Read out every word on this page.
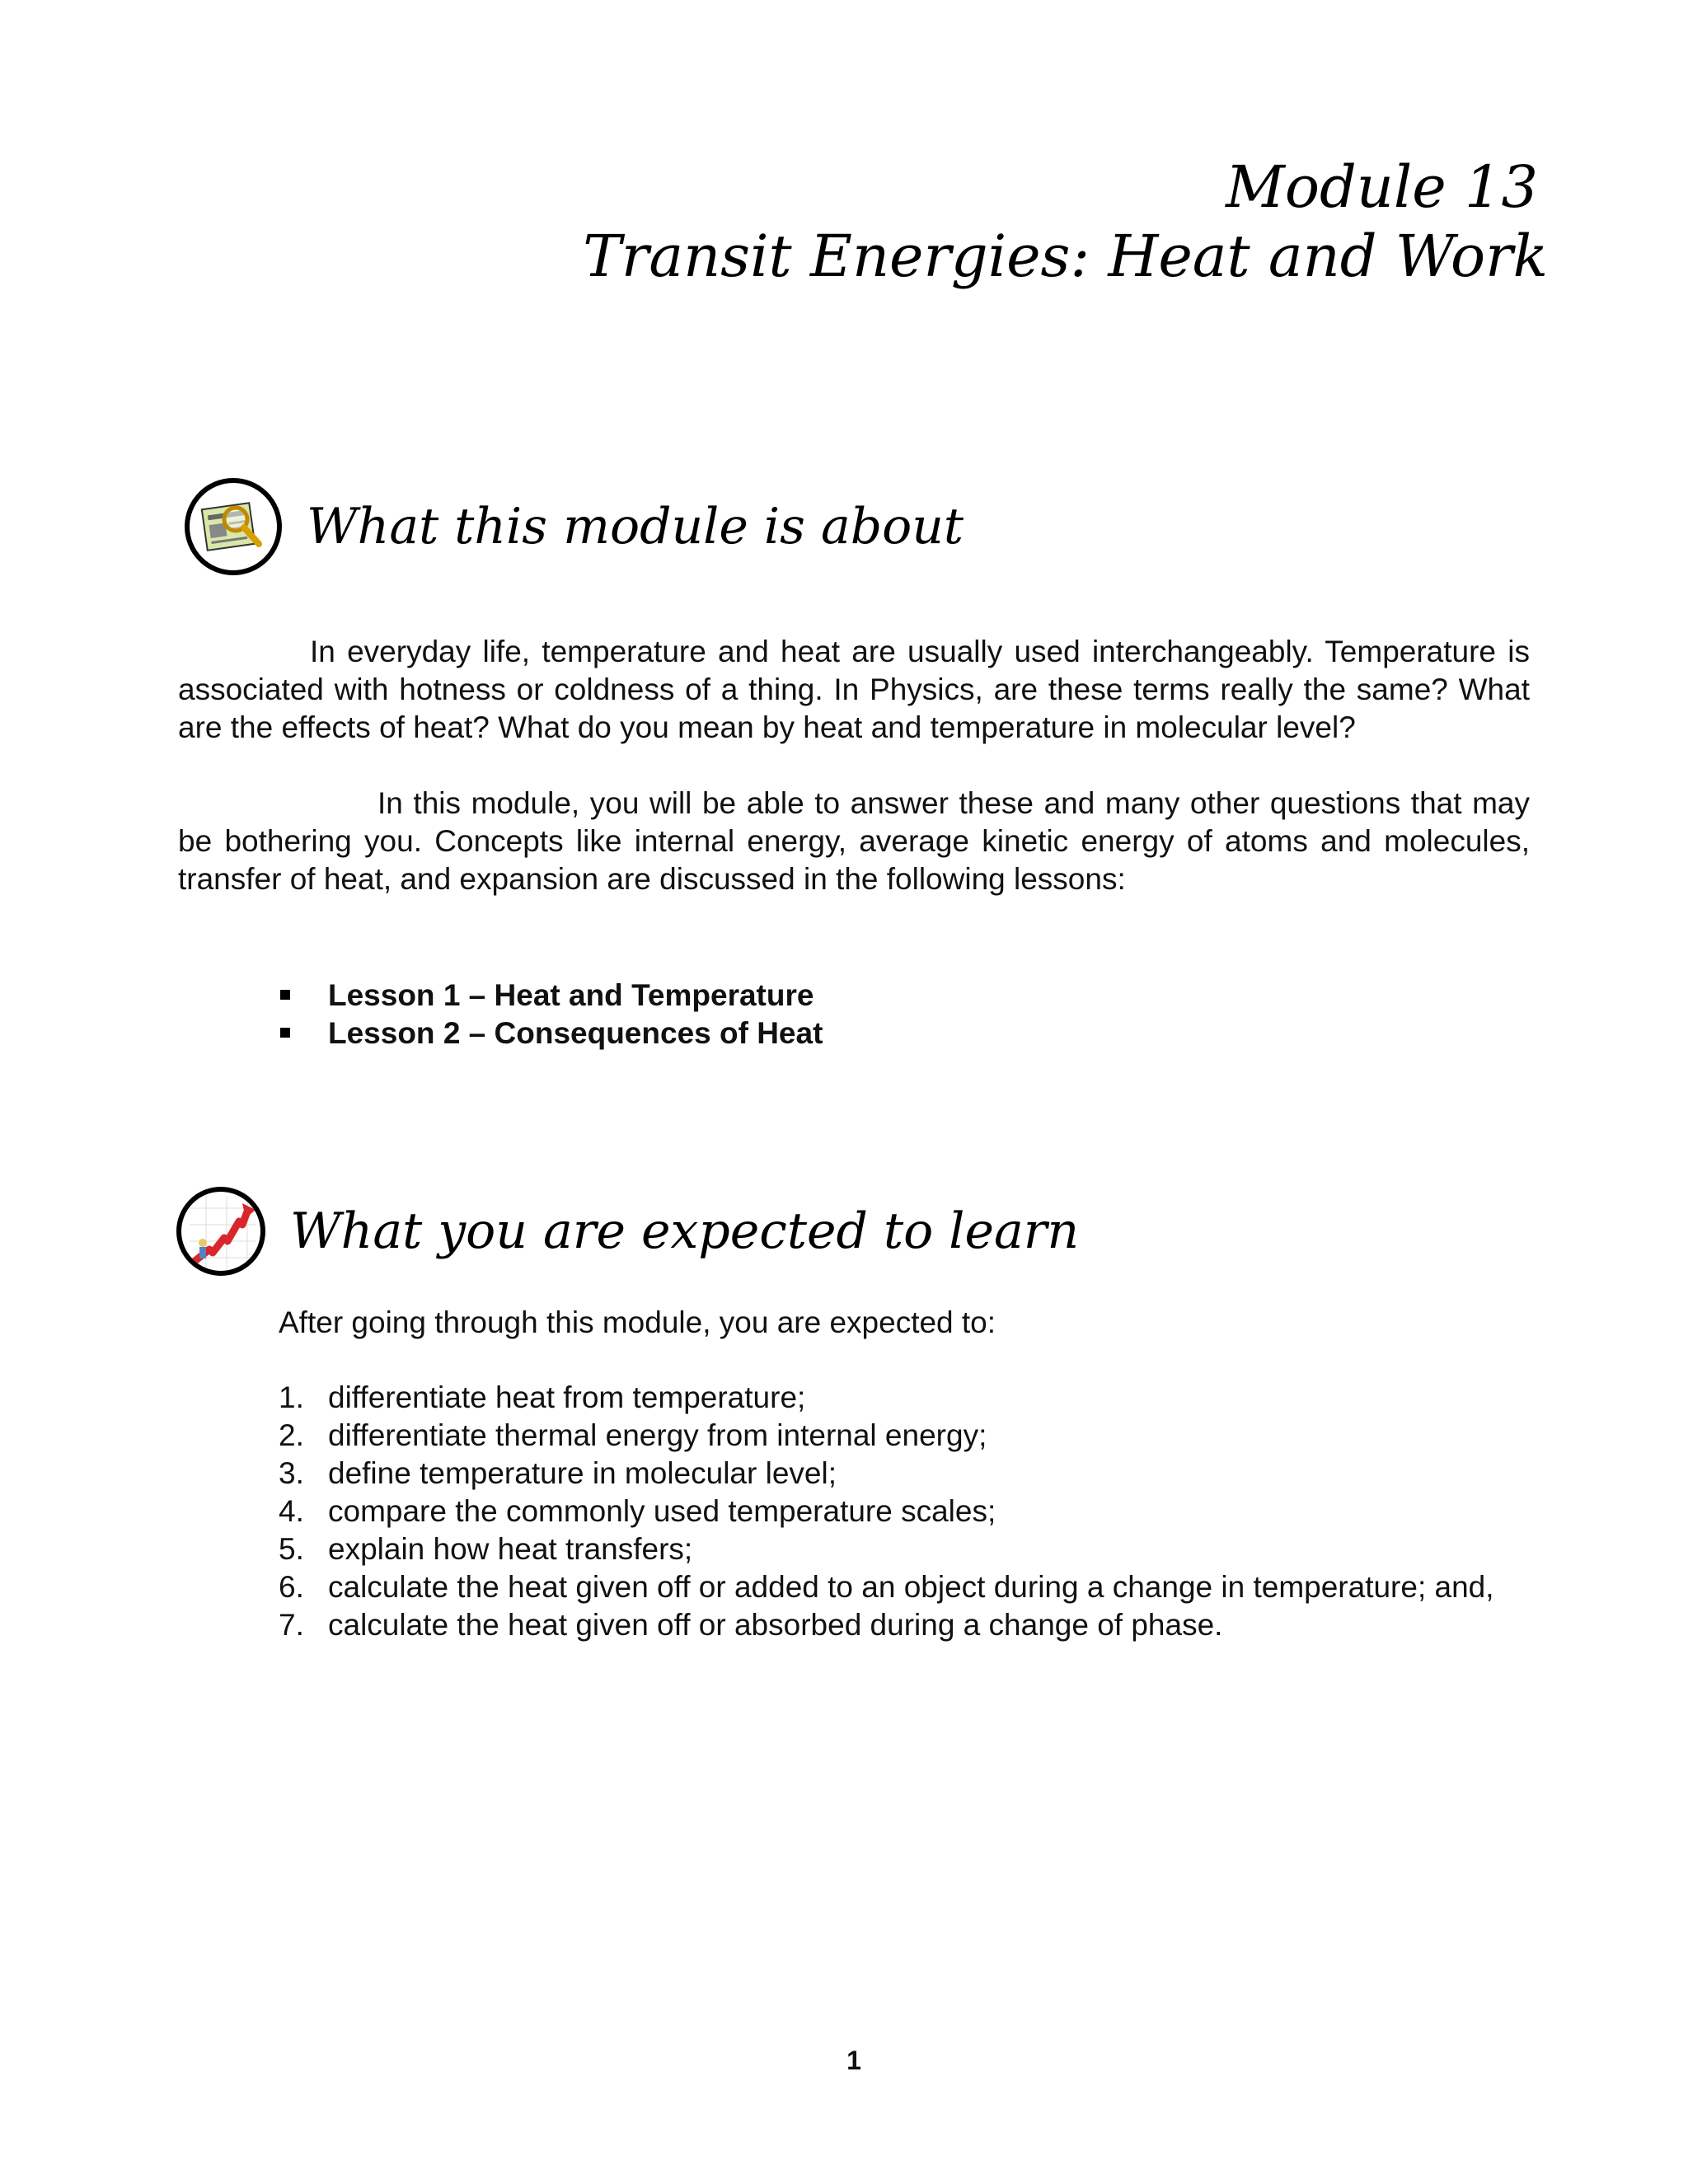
Module 13
Transit Energies: Heat and Work
What this module is about

In everyday life, temperature and heat are usually used interchangeably. Temperature is associated with hotness or coldness of a thing. In Physics, are these terms really the same? What are the effects of heat? What do you mean by heat and temperature in molecular level?

In this module, you will be able to answer these and many other questions that may be bothering you. Concepts like internal energy, average kinetic energy of atoms and molecules, transfer of heat, and expansion are discussed in the following lessons:

Lesson 1 – Heat and Temperature
Lesson 2 – Consequences of Heat
What you are expected to learn
After going through this module, you are expected to:
1. differentiate heat from temperature;
2. differentiate thermal energy from internal energy;
3. define temperature in molecular level;
4. compare the commonly used temperature scales;
5. explain how heat transfers;
6. calculate the heat given off or added to an object during a change in temperature; and,
7. calculate the heat given off or absorbed during a change of phase.
1
